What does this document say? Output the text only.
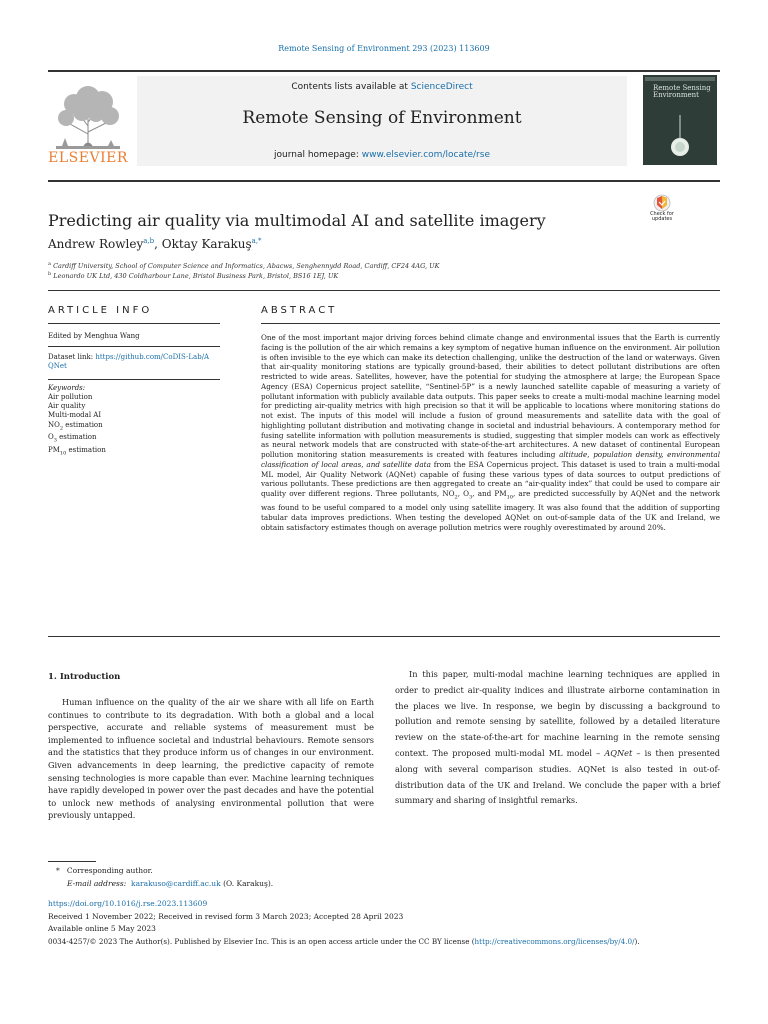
Remote Sensing of Environment 293 (2023) 113609
ELSEVIER
Contents lists available at ScienceDirect
Remote Sensing of Environment
journal homepage: www.elsevier.com/locate/rse
Remote Sensing Environment
Check for updates
Predicting air quality via multimodal AI and satellite imagery
Andrew Rowley$^{a,b}$, Oktay Karakuş$^{a,*}$
$^a$ Cardiff University, School of Computer Science and Informatics, Abacws, Senghennydd Road, Cardiff, CF24 4AG, UK
$^b$ Leonardo UK Ltd, 430 Coldharbour Lane, Bristol Business Park, Bristol, BS16 1EJ, UK
ARTICLE INFO	ABSTRACT
Edited by Menghua Wang
Dataset link: https://github.com/CoDIS-Lab/A
QNet
Keywords:
Air pollution
Air quality
Multi-modal AI
$NO_2$ estimation
$O_3$ estimation
$PM_{10}$ estimation
One of the most important major driving forces behind climate change and environmental issues that the Earth is currently facing is the pollution of the air which remains a key symptom of negative human influence on the environment. Air pollution is often invisible to the eye which can make its detection challenging, unlike the destruction of the land or waterways. Given that air-quality monitoring stations are typically ground-based, their abilities to detect pollutant distributions are often restricted to wide areas. Satellites, however, have the potential for studying the atmosphere at large; the European Space Agency (ESA) Copernicus project satellite, “Sentinel-5P” is a newly launched satellite capable of measuring a variety of pollutant information with publicly available data outputs. This paper seeks to create a multi-modal machine learning model for predicting air-quality metrics with high precision so that it will be applicable to locations where monitoring stations do not exist. The inputs of this model will include a fusion of ground measurements and satellite data with the goal of highlighting pollutant distribution and motivating change in societal and industrial behaviours. A contemporary method for fusing satellite information with pollution measurements is studied, suggesting that simpler models can work as effectively as neural network models that are constructed with state-of-the-art architectures. A new dataset of continental European pollution monitoring station measurements is created with features including altitude, population density, environmental classification of local areas, and satellite data from the ESA Copernicus project. This dataset is used to train a multi-modal ML model, Air Quality Network (AQNet) capable of fusing these various types of data sources to output predictions of various pollutants. These predictions are then aggregated to create an “air-quality index” that could be used to compare air quality over different regions. Three pollutants, $NO_2$, $O_3$, and $PM_{10}$, are predicted successfully by AQNet and the network was found to be useful compared to a model only using satellite imagery. It was also found that the addition of supporting tabular data improves predictions. When testing the developed AQNet on out-of-sample data of the UK and Ireland, we obtain satisfactory estimates though on average pollution metrics were roughly overestimated by around 20%.
1. Introduction
Human influence on the quality of the air we share with all life on Earth continues to contribute to its degradation. With both a global and a local perspective, accurate and reliable systems of measurement must be implemented to influence societal and industrial behaviours. Remote sensors and the statistics that they produce inform us of changes in our environment. Given advancements in deep learning, the predictive capacity of remote sensing technologies is more capable than ever. Machine learning techniques have rapidly developed in power over the past decades and have the potential to unlock new methods of analysing environmental pollution that were previously untapped.
In this paper, multi-modal machine learning techniques are applied in order to predict air-quality indices and illustrate airborne contamination in the places we live. In response, we begin by discussing a background to pollution and remote sensing by satellite, followed by a detailed literature review on the state-of-the-art for machine learning in the remote sensing context. The proposed multi-modal ML model – AQNet – is then presented along with several comparison studies. AQNet is also tested in out-of-distribution data of the UK and Ireland. We conclude the paper with a brief summary and sharing of insightful remarks.
* Corresponding author.
E-mail address: karakuso@cardiff.ac.uk (O. Karakuş).
https://doi.org/10.1016/j.rse.2023.113609
Received 1 November 2022; Received in revised form 3 March 2023; Accepted 28 April 2023
Available online 5 May 2023
0034-4257/© 2023 The Author(s). Published by Elsevier Inc. This is an open access article under the CC BY license (http://creativecommons.org/licenses/by/4.0/).
